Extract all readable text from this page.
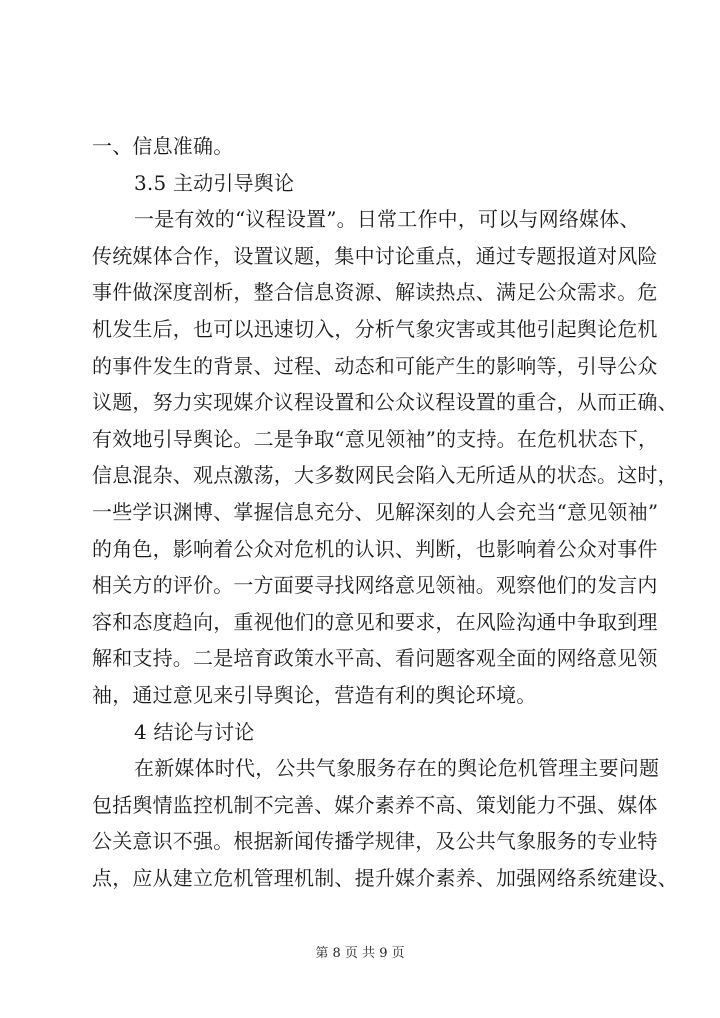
一、信息准确。
3.5 主动引导舆论
一是有效的“议程设置”。日常工作中，可以与网络媒体、
传统媒体合作，设置议题，集中讨论重点，通过专题报道对风险
事件做深度剖析，整合信息资源、解读热点、满足公众需求。危
机发生后，也可以迅速切入，分析气象灾害或其他引起舆论危机
的事件发生的背景、过程、动态和可能产生的影响等，引导公众
议题，努力实现媒介议程设置和公众议程设置的重合，从而正确、
有效地引导舆论。二是争取“意见领袖”的支持。在危机状态下，
信息混杂、观点激荡，大多数网民会陷入无所适从的状态。这时，
一些学识渊博、掌握信息充分、见解深刻的人会充当“意见领袖”
的角色，影响着公众对危机的认识、判断，也影响着公众对事件
相关方的评价。一方面要寻找网络意见领袖。观察他们的发言内
容和态度趋向，重视他们的意见和要求，在风险沟通中争取到理
解和支持。二是培育政策水平高、看问题客观全面的网络意见领
袖，通过意见来引导舆论，营造有利的舆论环境。
4 结论与讨论
在新媒体时代，公共气象服务存在的舆论危机管理主要问题
包括舆情监控机制不完善、媒介素养不高、策划能力不强、媒体
公关意识不强。根据新闻传播学规律，及公共气象服务的专业特
点，应从建立危机管理机制、提升媒介素养、加强网络系统建设、
第 8 页 共 9 页
